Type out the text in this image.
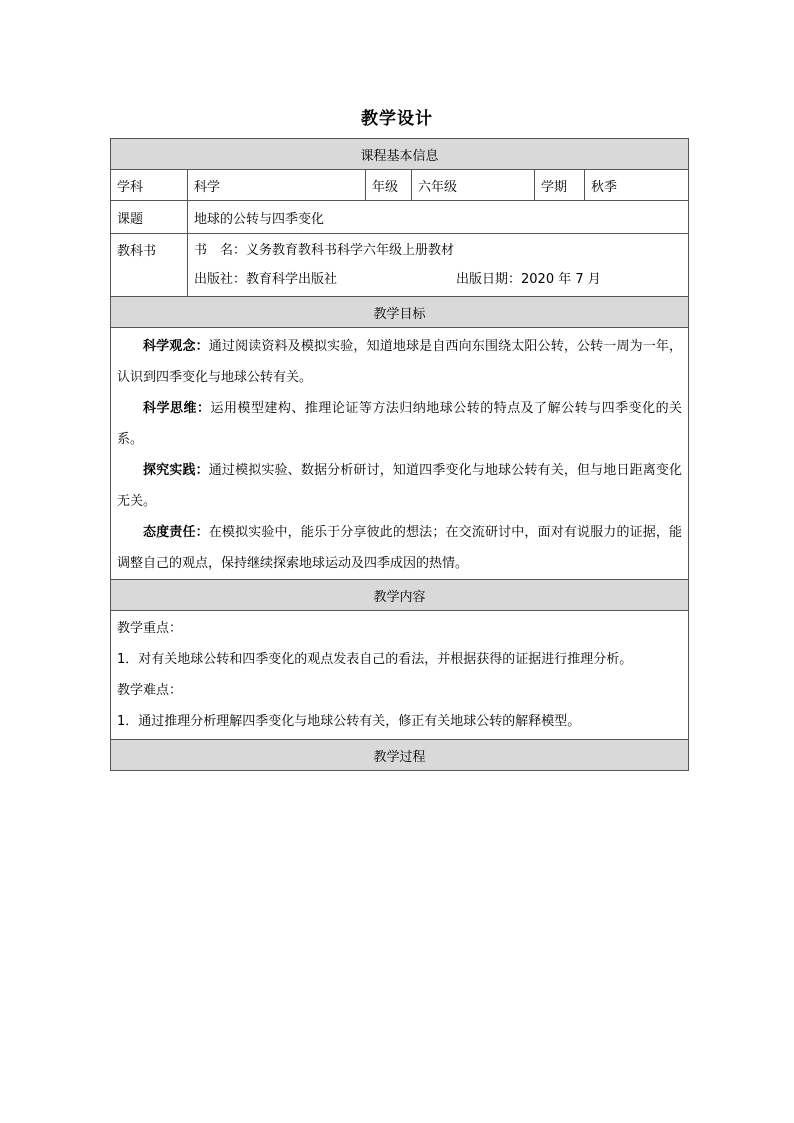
教学设计
课程基本信息					
学科	科学	年级	六年级	学期	秋季
课题	地球的公转与四季变化				
教科书	书　名：义务教育教科书科学六年级上册教材
出版社：教育科学出版社 出版日期：2020 年 7 月				

教学目标					

科学观念：通过阅读资料及模拟实验，知道地球是自西向东围绕太阳公转，公转一周为一年，认识到四季变化与地球公转有关。

科学思维：运用模型建构、推理论证等方法归纳地球公转的特点及了解公转与四季变化的关系。

探究实践：通过模拟实验、数据分析研讨，知道四季变化与地球公转有关，但与地日距离变化无关。

态度责任：在模拟实验中，能乐于分享彼此的想法；在交流研讨中，面对有说服力的证据，能调整自己的观点，保持继续探索地球运动及四季成因的热情。					

教学内容					

教学重点：

1．对有关地球公转和四季变化的观点发表自己的看法，并根据获得的证据进行推理分析。

教学难点：

1．通过推理分析理解四季变化与地球公转有关，修正有关地球公转的解释模型。					

教学过程					
